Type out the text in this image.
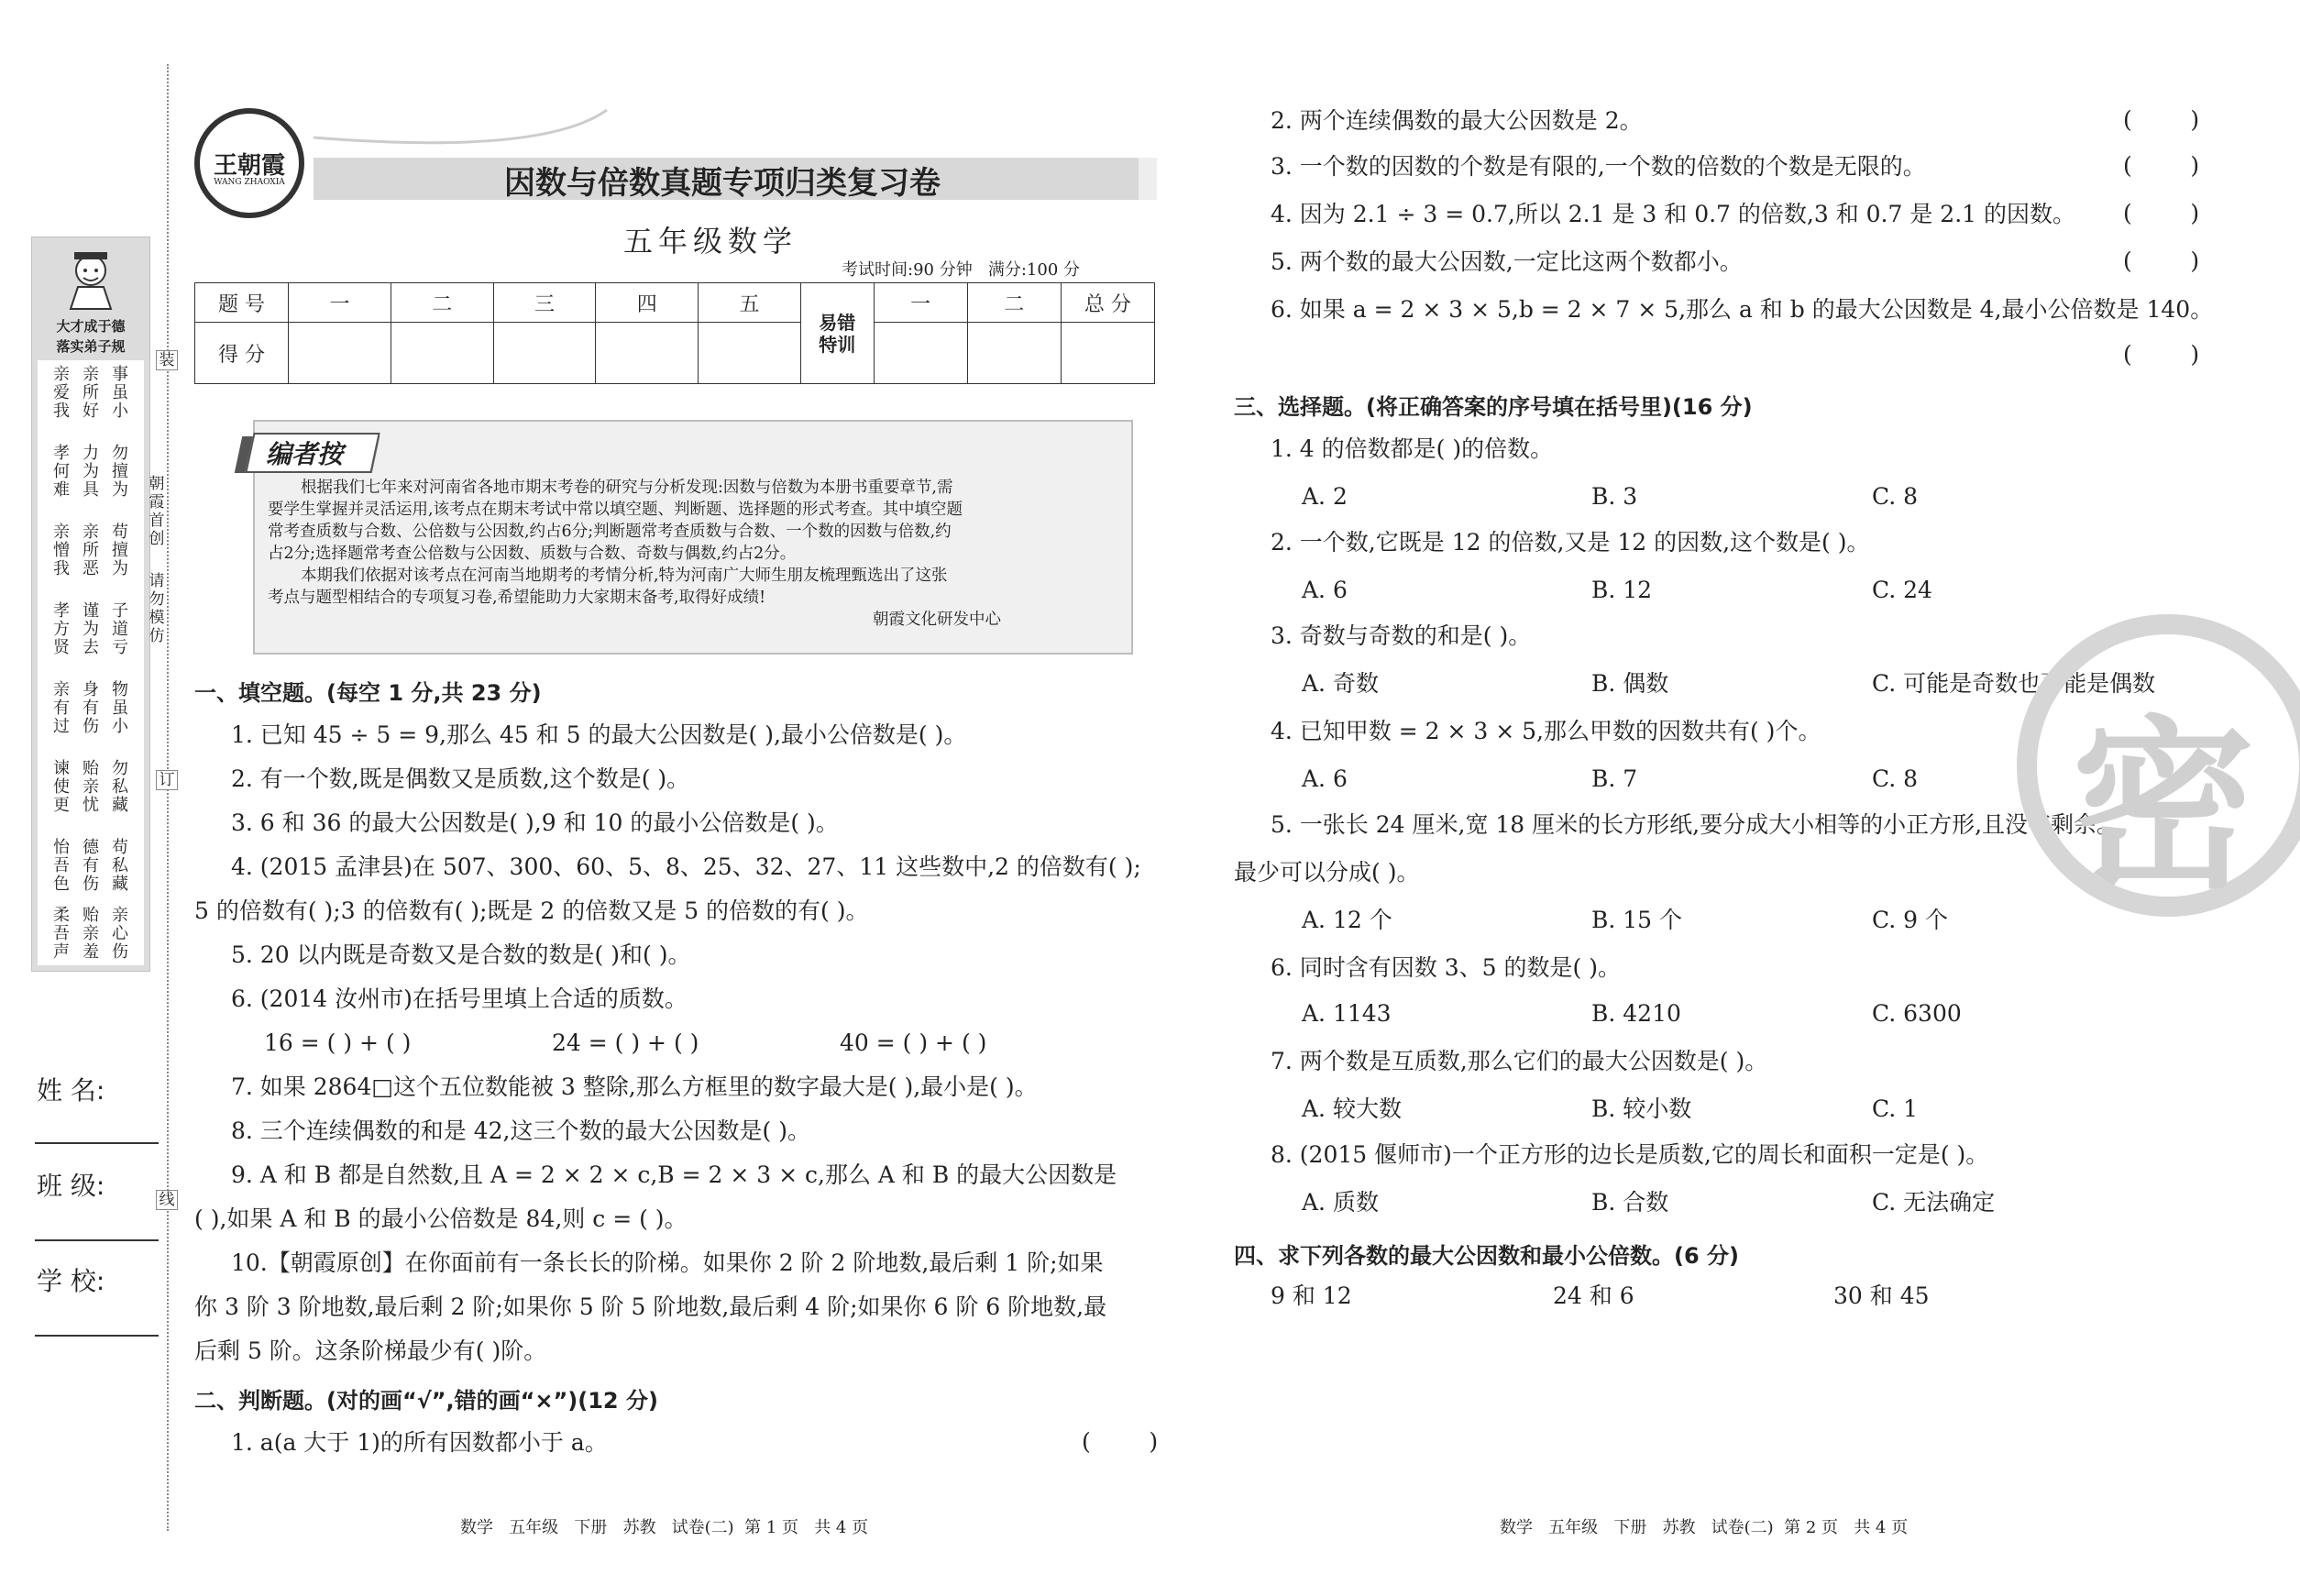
大才成于德
落实弟子规
亲爱我
孝何难
亲憎我
孝方贤
亲有过
谏使更
怡吾色
柔吾声
亲所好
力为具
亲所恶
谨为去
身有伤
贻亲忧
德有伤
贻亲羞
事虽小
勿擅为
苟擅为
子道亏
物虽小
勿私藏
苟私藏
亲心伤
装
订
线
朝霞首创
请勿模仿
姓 名:
班 级:
学 校:
王朝霞
WANG ZHAOXIA	因数与倍数真题专项归类复习卷
五年级数学
考试时间:90 分钟   满分:100 分
题 号	一	二	三	四	五	易错特训	一	二	总 分
得 分									
编者按

根据我们七年来对河南省各地市期末考卷的研究与分析发现:因数与倍数为本册书重要章节,需

要学生掌握并灵活运用,该考点在期末考试中常以填空题、判断题、选择题的形式考查。其中填空题

常考查质数与合数、公倍数与公因数,约占6分;判断题常考查质数与合数、一个数的因数与倍数,约

占2分;选择题常考查公倍数与公因数、质数与合数、奇数与偶数,约占2分。

本期我们依据对该考点在河南当地期考的考情分析,特为河南广大师生朋友梳理甄选出了这张

考点与题型相结合的专项复习卷,希望能助力大家期末备考,取得好成绩!

朝霞文化研发中心

一、填空题。(每空 1 分,共 23 分)
1. 已知 45 ÷ 5 = 9,那么 45 和 5 的最大公因数是( ),最小公倍数是( )。
2. 有一个数,既是偶数又是质数,这个数是( )。
3. 6 和 36 的最大公因数是( ),9 和 10 的最小公倍数是( )。
4. (2015 孟津县)在 507、300、60、5、8、25、32、27、11 这些数中,2 的倍数有( );
5 的倍数有( );3 的倍数有( );既是 2 的倍数又是 5 的倍数的有( )。
5. 20 以内既是奇数又是合数的数是( )和( )。
6. (2014 汝州市)在括号里填上合适的质数。
16 = ( ) + ( )	24 = ( ) + ( )	40 = ( ) + ( )
7. 如果 2864□这个五位数能被 3 整除,那么方框里的数字最大是( ),最小是( )。
8. 三个连续偶数的和是 42,这三个数的最大公因数是( )。
9. A 和 B 都是自然数,且 A = 2 × 2 × c,B = 2 × 3 × c,那么 A 和 B 的最大公因数是
( ),如果 A 和 B 的最小公倍数是 84,则 c = ( )。
10.【朝霞原创】在你面前有一条长长的阶梯。如果你 2 阶 2 阶地数,最后剩 1 阶;如果
你 3 阶 3 阶地数,最后剩 2 阶;如果你 5 阶 5 阶地数,最后剩 4 阶;如果你 6 阶 6 阶地数,最
后剩 5 阶。这条阶梯最少有( )阶。
二、判断题。(对的画“√”,错的画“×”)(12 分)
1. a(a 大于 1)的所有因数都小于 a。	(        )
2. 两个连续偶数的最大公因数是 2。	(        )
3. 一个数的因数的个数是有限的,一个数的倍数的个数是无限的。	(        )
4. 因为 2.1 ÷ 3 = 0.7,所以 2.1 是 3 和 0.7 的倍数,3 和 0.7 是 2.1 的因数。 (        )
5. 两个数的最大公因数,一定比这两个数都小。	(        )
6. 如果 a = 2 × 3 × 5,b = 2 × 7 × 5,那么 a 和 b 的最大公因数是 4,最小公倍数是 140。
(        )
三、选择题。(将正确答案的序号填在括号里)(16 分)
1. 4 的倍数都是( )的倍数。
A. 2	B. 3	C. 8
2. 一个数,它既是 12 的倍数,又是 12 的因数,这个数是( )。
A. 6	B. 12	C. 24
3. 奇数与奇数的和是( )。
A. 奇数	B. 偶数	C. 可能是奇数也可能是偶数
4. 已知甲数 = 2 × 3 × 5,那么甲数的因数共有( )个。
A. 6	B. 7	C. 8
5. 一张长 24 厘米,宽 18 厘米的长方形纸,要分成大小相等的小正方形,且没有剩余。
最少可以分成( )。
A. 12 个	B. 15 个	C. 9 个
6. 同时含有因数 3、5 的数是( )。
A. 1143	B. 4210	C. 6300
7. 两个数是互质数,那么它们的最大公因数是( )。
A. 较大数	B. 较小数	C. 1
8. (2015 偃师市)一个正方形的边长是质数,它的周长和面积一定是( )。
A. 质数	B. 合数	C. 无法确定
四、求下列各数的最大公因数和最小公倍数。(6 分)
9 和 12	24 和 6	30 和 45
密
数学   五年级   下册   苏教   试卷(二)  第 1 页   共 4 页	数学   五年级   下册   苏教   试卷(二)  第 2 页   共 4 页
